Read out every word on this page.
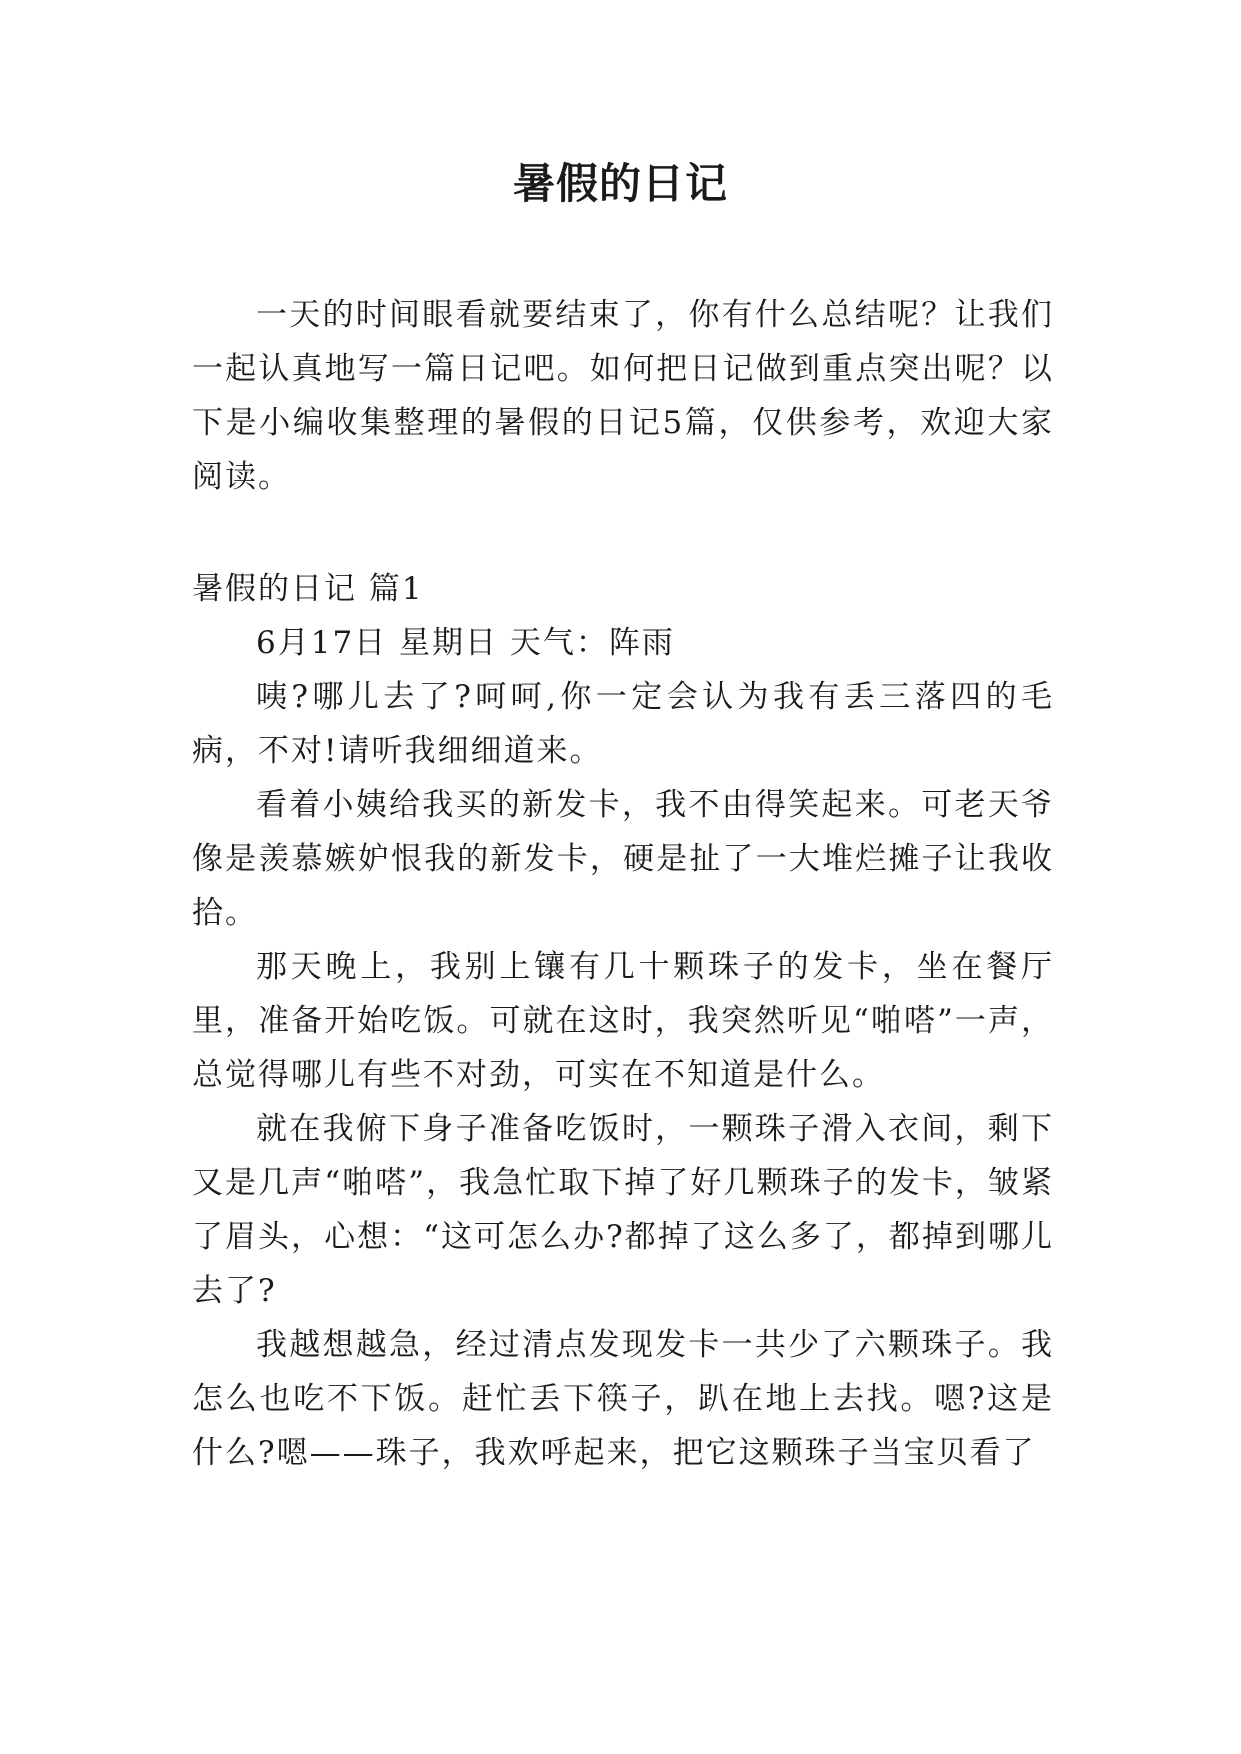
暑假的日记

一天的时间眼看就要结束了，你有什么总结呢？让我们一起认真地写一篇日记吧。如何把日记做到重点突出呢？以下是小编收集整理的暑假的日记5篇，仅供参考，欢迎大家阅读。

暑假的日记 篇1

6月17日 星期日 天气：阵雨

咦?哪儿去了?呵呵,你一定会认为我有丢三落四的毛病，不对!请听我细细道来。

看着小姨给我买的新发卡，我不由得笑起来。可老天爷像是羡慕嫉妒恨我的新发卡，硬是扯了一大堆烂摊子让我收拾。

那天晚上，我别上镶有几十颗珠子的发卡，坐在餐厅里，准备开始吃饭。可就在这时，我突然听见“啪嗒”一声，总觉得哪儿有些不对劲，可实在不知道是什么。

就在我俯下身子准备吃饭时，一颗珠子滑入衣间，剩下又是几声“啪嗒”，我急忙取下掉了好几颗珠子的发卡，皱紧了眉头，心想：“这可怎么办?都掉了这么多了，都掉到哪儿去了?

我越想越急，经过清点发现发卡一共少了六颗珠子。我怎么也吃不下饭。赶忙丢下筷子，趴在地上去找。嗯?这是什么?嗯——珠子，我欢呼起来，把它这颗珠子当宝贝看了
